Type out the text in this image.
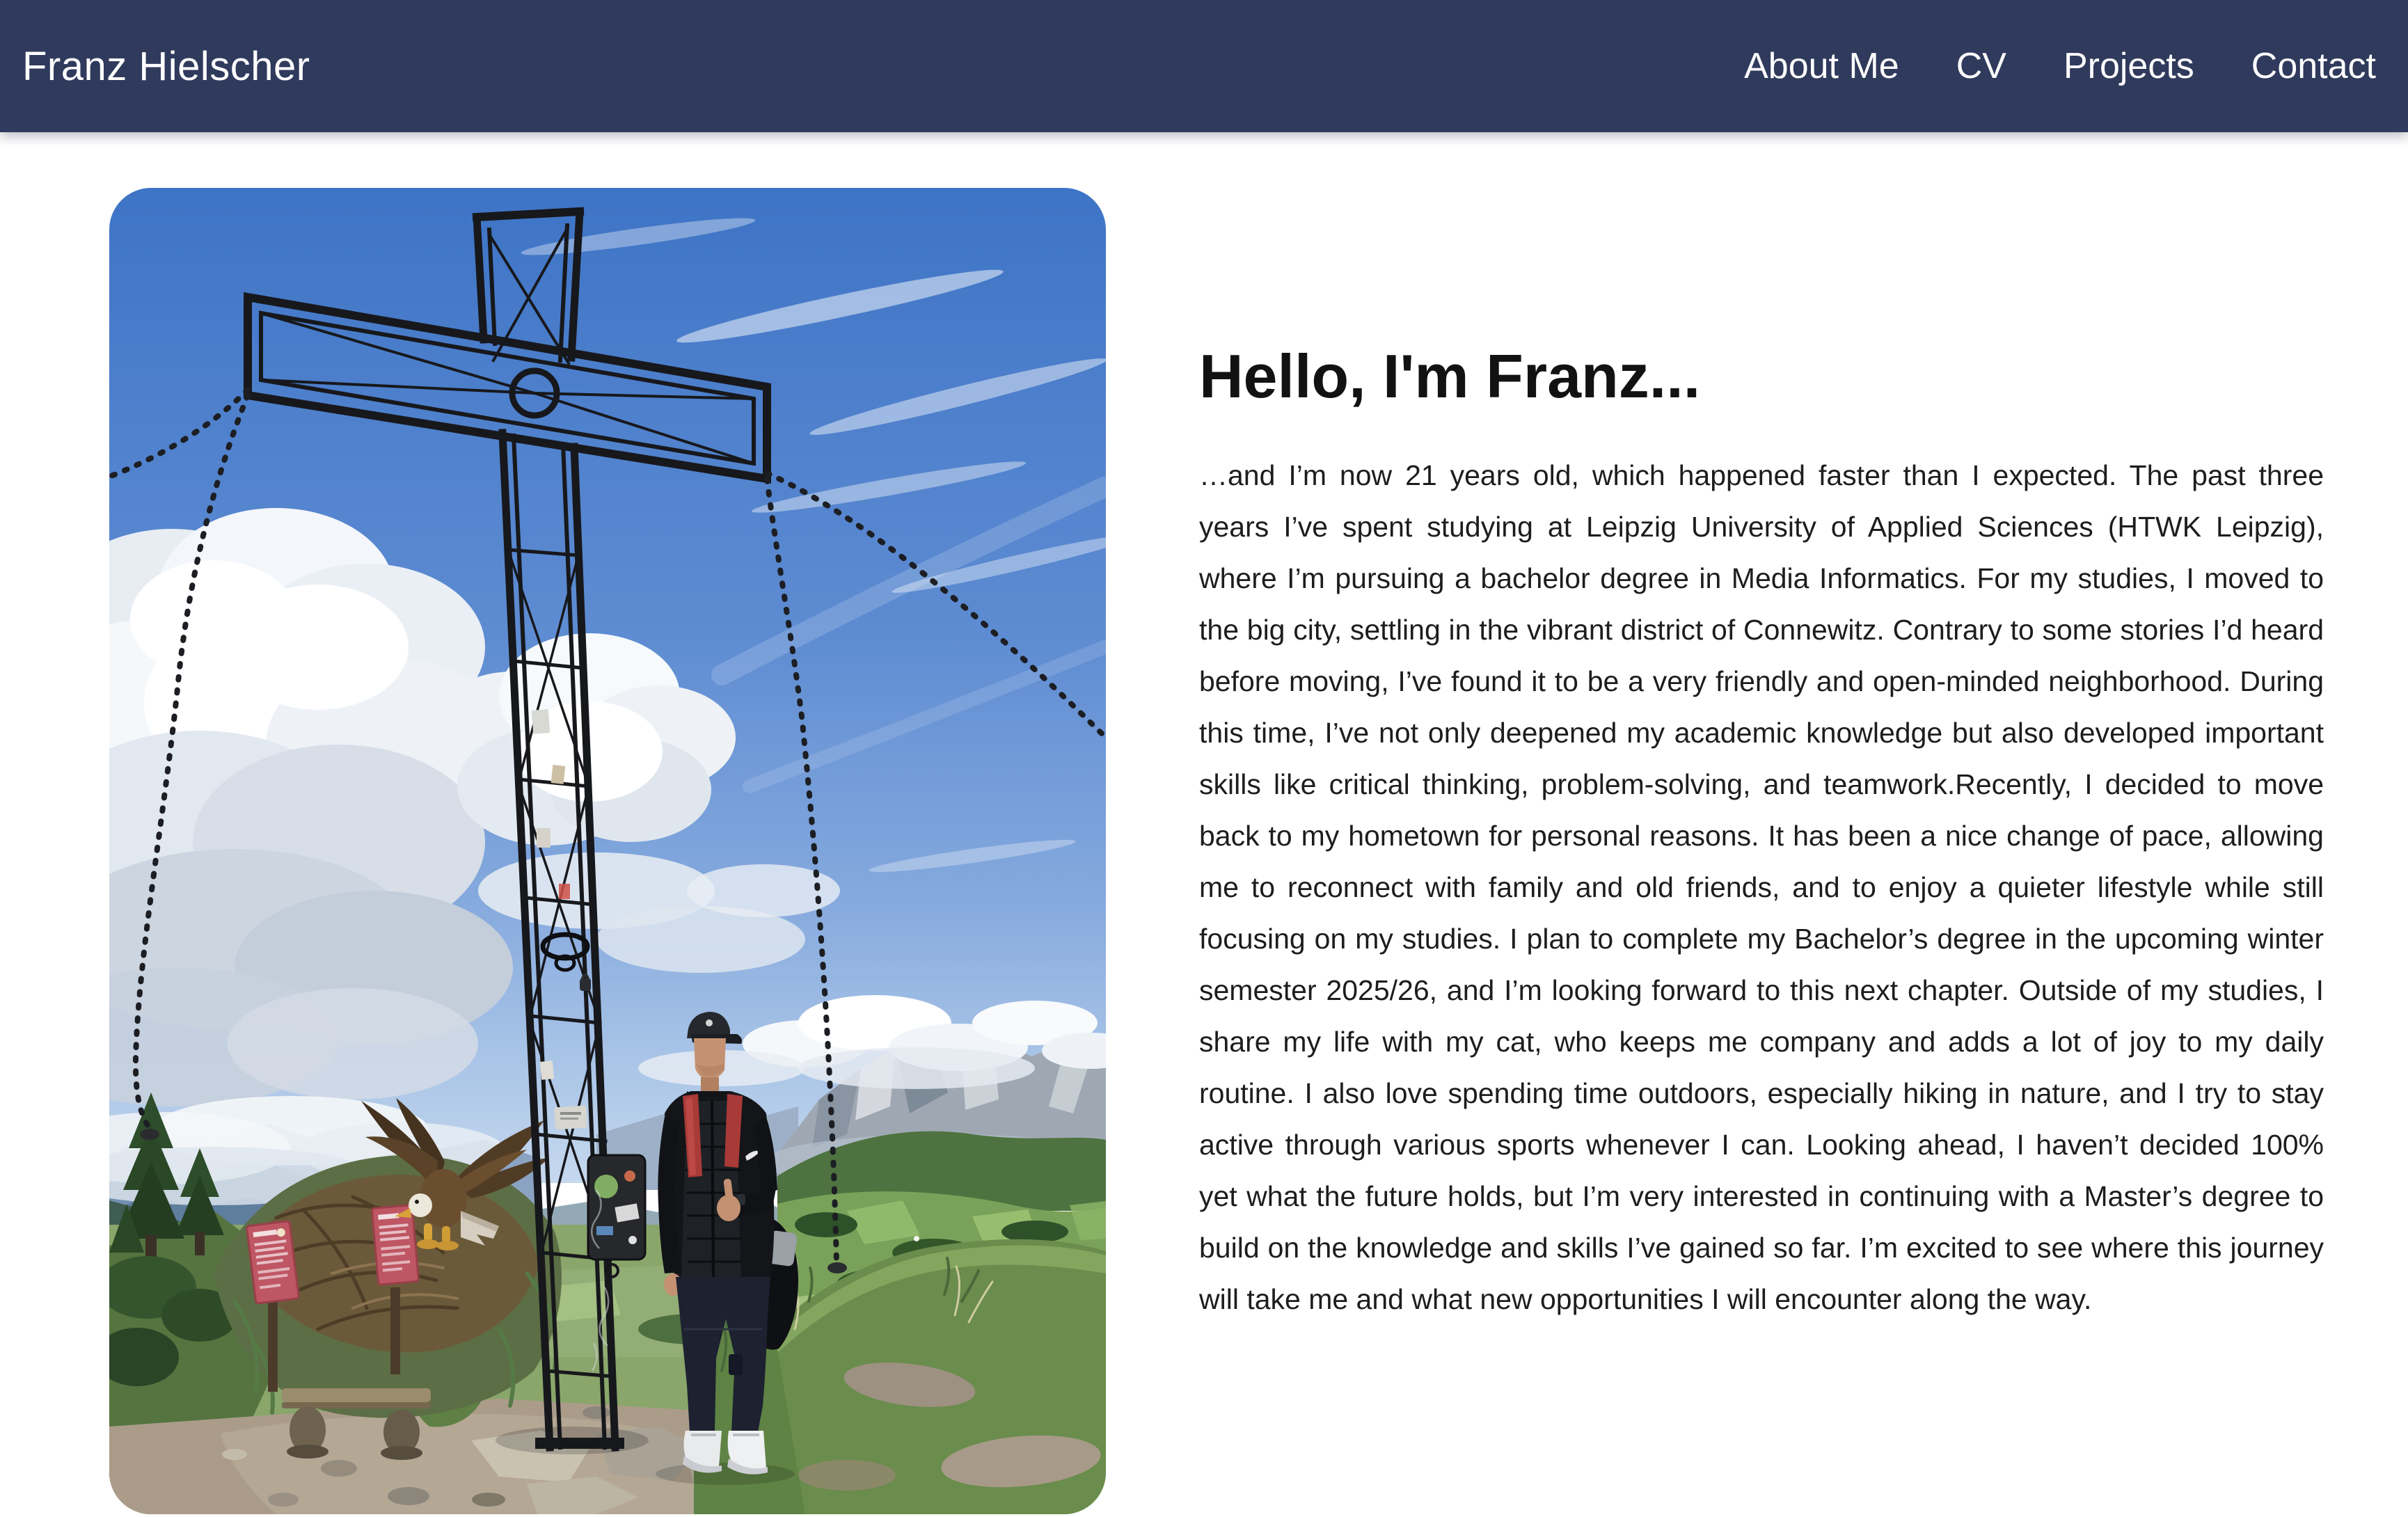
Franz Hielscher	About Me CV Projects Contact
Hello, I'm Franz...

…and I’m now 21 years old, which happened faster than I expected. The past three years I’ve spent studying at Leipzig University of Applied Sciences (HTWK Leipzig), where I’m pursuing a bachelor degree in Media Informatics. For my studies, I moved to the big city, settling in the vibrant district of Connewitz. Contrary to some stories I’d heard before moving, I’ve found it to be a very friendly and open-minded neighborhood. During this time, I’ve not only deepened my academic knowledge but also developed important skills like critical thinking, problem-solving, and teamwork.Recently, I decided to move back to my hometown for personal reasons. It has been a nice change of pace, allowing me to reconnect with family and old friends, and to enjoy a quieter lifestyle while still focusing on my studies. I plan to complete my Bachelor’s degree in the upcoming winter semester 2025/26, and I’m looking forward to this next chapter. Outside of my studies, I share my life with my cat, who keeps me company and adds a lot of joy to my daily routine. I also love spending time outdoors, especially hiking in nature, and I try to stay active through various sports whenever I can. Looking ahead, I haven’t decided 100% yet what the future holds, but I’m very interested in continuing with a Master’s degree to build on the knowledge and skills I’ve gained so far. I’m excited to see where this journey will take me and what new opportunities I will encounter along the way.
